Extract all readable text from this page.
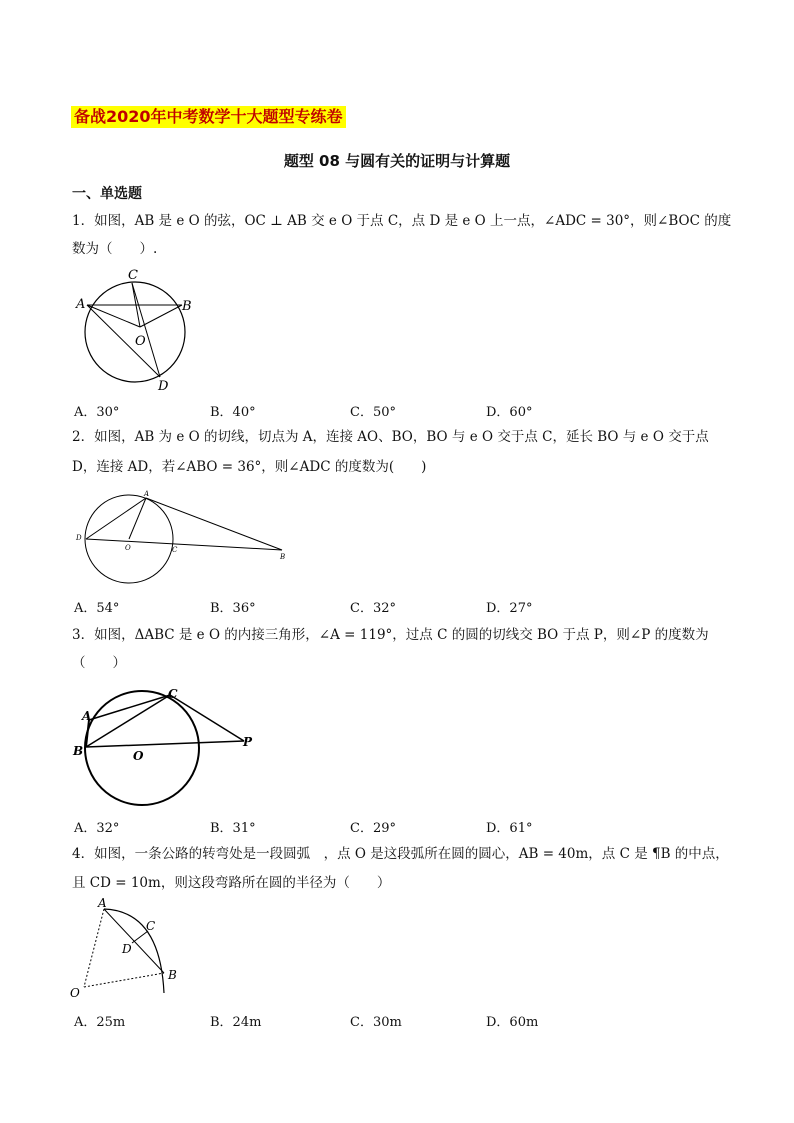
备战2020年中考数学十大题型专练卷
题型 08 与圆有关的证明与计算题
一、单选题
1．如图，AB 是 e O 的弦，OC ⊥ AB 交 e O 于点 C，点 D 是 e O 上一点，∠ADC = 30°，则∠BOC 的度
数为（　　）.
A
C
B
O
D
A．30°	B．40°	C．50°	D．60°
2．如图，AB 为 e O 的切线，切点为 A，连接 AO、BO，BO 与 e O 交于点 C，延长 BO 与 e O 交于点
D，连接 AD，若∠ABO = 36°，则∠ADC 的度数为(　　)
A
D
O	C
B
A．54°	B．36°	C．32°	D．27°
3．如图，ΔABC 是 e O 的内接三角形，∠A = 119°，过点 C 的圆的切线交 BO 于点 P，则∠P 的度数为
（　　）
A
B
C
O
P
A．32°	B．31°	C．29°	D．61°
4．如图，一条公路的转弯处是一段圆弧　，点 O 是这段弧所在圆的圆心，AB = 40m，点 C 是 ¶B 的中点，
且 CD = 10m，则这段弯路所在圆的半径为（　　）
A
C
D
B
O
A．25m	B．24m	C．30m	D．60m
